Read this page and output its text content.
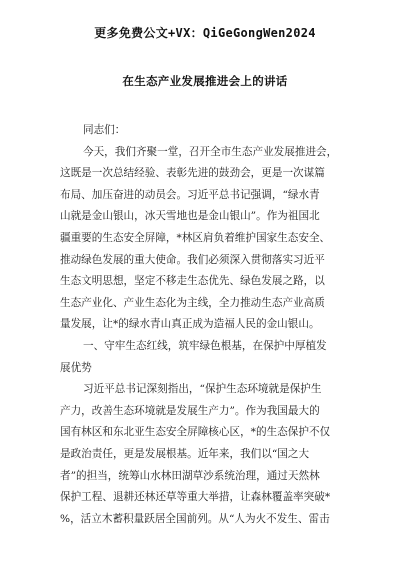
更多免费公文+VX：QiGeGongWen2024
在生态产业发展推进会上的讲话
同志们：
今天，我们齐聚一堂，召开全市生态产业发展推进会，
这既是一次总结经验、表彰先进的鼓劲会，更是一次谋篇
布局、加压奋进的动员会。习近平总书记强调，“绿水青
山就是金山银山，冰天雪地也是金山银山”。作为祖国北
疆重要的生态安全屏障，*林区肩负着维护国家生态安全、
推动绿色发展的重大使命。我们必须深入贯彻落实习近平
生态文明思想，坚定不移走生态优先、绿色发展之路，以
生态产业化、产业生态化为主线，全力推动生态产业高质
量发展，让*的绿水青山真正成为造福人民的金山银山。
一、守牢生态红线，筑牢绿色根基，在保护中厚植发
展优势
习近平总书记深刻指出，“保护生态环境就是保护生
产力，改善生态环境就是发展生产力”。作为我国最大的
国有林区和东北亚生态安全屏障核心区，*的生态保护不仅
是政治责任，更是发展根基。近年来，我们以“国之大
者”的担当，统筹山水林田湖草沙系统治理，通过天然林
保护工程、退耕还林还草等重大举措，让森林覆盖率突破*
%，活立木蓄积量跃居全国前列。从“人为火不发生、雷击
